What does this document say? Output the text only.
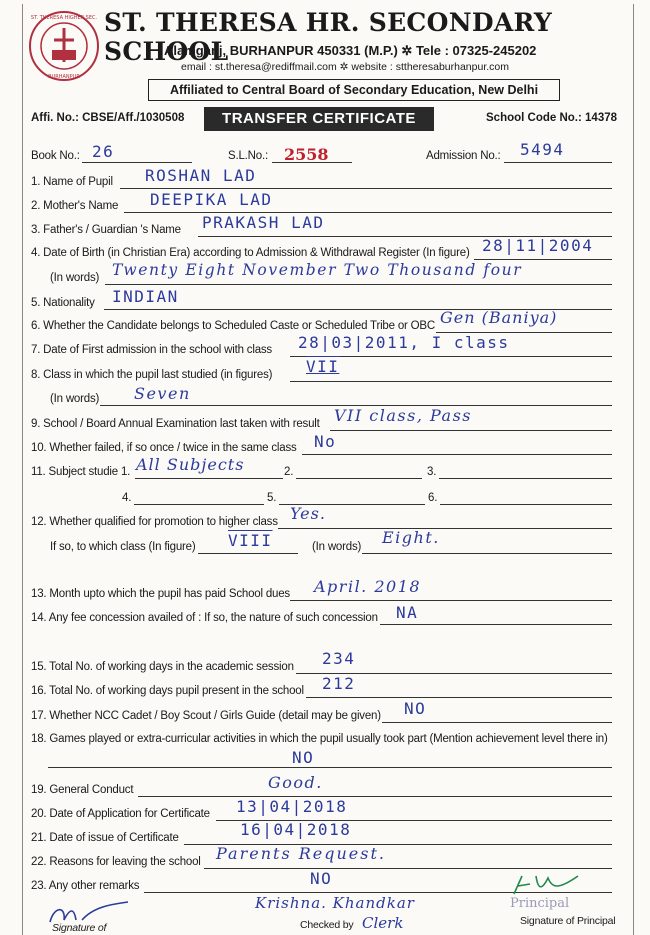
ST. THERESA HIGHER SEC.
BURHANPUR
ST. THERESA HR. SECONDARY SCHOOL
Alamganj, BURHANPUR 450331 (M.P.) ✲ Tele : 07325-245202
email : st.theresa@rediffmail.com ✲ website : sttheresaburhanpur.com
Affiliated to Central Board of Secondary Education, New Delhi
Affi. No.: CBSE/Aff./1030508	TRANSFER CERTIFICATE	School Code No.: 14378
Book No.: 26	S.L.No.: 2558	Admission No.: 5494
1. Name of Pupil ROSHAN LAD
2. Mother's Name DEEPIKA LAD
3. Father's / Guardian 's Name PRAKASH LAD
4. Date of Birth (in Christian Era) according to Admission & Withdrawal Register (In figure) 28|11|2004
(In words) Twenty Eight November Two Thousand four
5. Nationality INDIAN
6. Whether the Candidate belongs to Scheduled Caste or Scheduled Tribe or OBC Gen (Baniya)
7. Date of First admission in the school with class 28|03|2011, I class
8. Class in which the pupil last studied (in figures) VII
(In words) Seven
9. School / Board Annual Examination last taken with result VII class, Pass
10. Whether failed, if so once / twice in the same class No
11. Subject studie 1. All Subjects	2.	3.
4.	5.	6.
12. Whether qualified for promotion to higher class Yes.
If so, to which class (In figure) VIII	(In words) Eight.
13. Month upto which the pupil has paid School dues April. 2018
14. Any fee concession availed of : If so, the nature of such concession NA
15. Total No. of working days in the academic session 234
16. Total No. of working days pupil present in the school 212
17. Whether NCC Cadet / Boy Scout / Girls Guide (detail may be given) NO
18. Games played or extra-curricular activities in which the pupil usually took part (Mention achievement level there in)
NO
19. General Conduct	Good.
20. Date of Application for Certificate 13|04|2018
21. Date of issue of Certificate	16|04|2018
22. Reasons for leaving the school Parents Request.
23. Any other remarks	NO
Signature of
Krishna. Khandkar
Checked by Clerk
Principal
Signature of Principal
